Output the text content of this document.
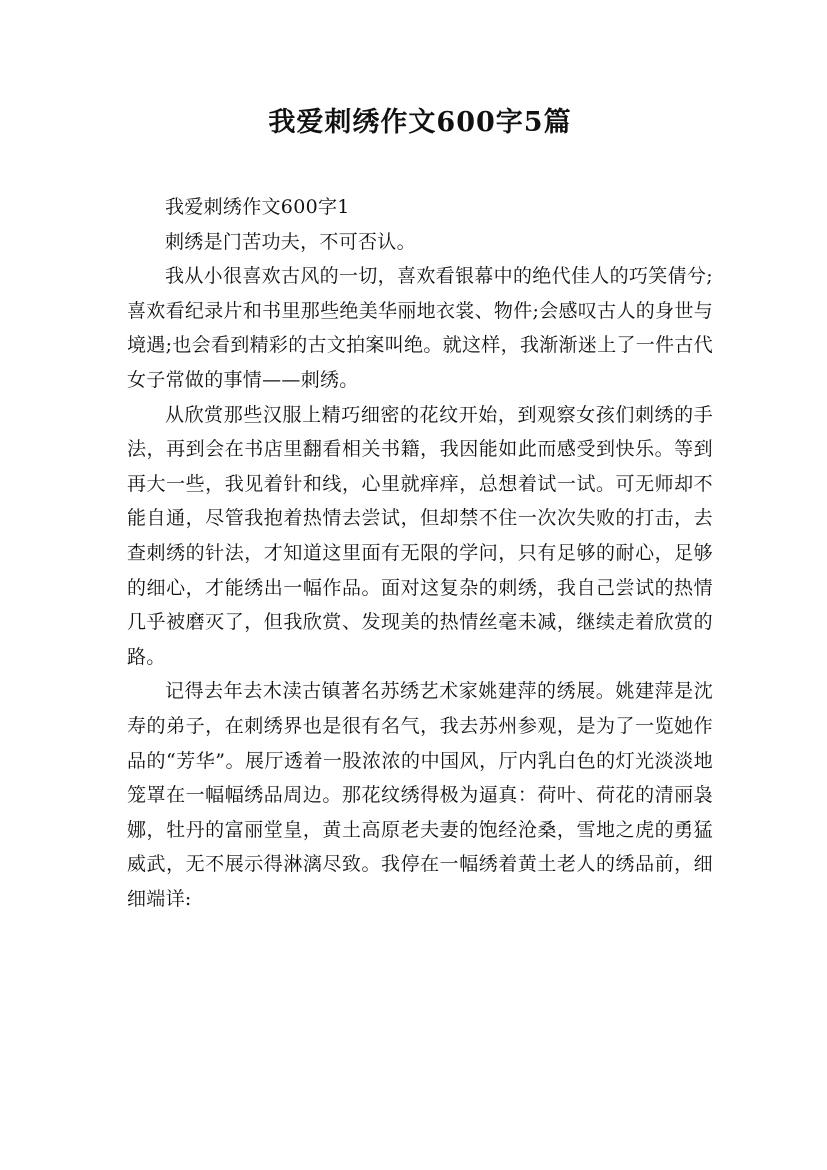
我爱刺绣作文600字5篇

我爱刺绣作文600字1

刺绣是门苦功夫，不可否认。

我从小很喜欢古风的一切，喜欢看银幕中的绝代佳人的巧笑倩兮;喜欢看纪录片和书里那些绝美华丽地衣裳、物件;会感叹古人的身世与境遇;也会看到精彩的古文拍案叫绝。就这样，我渐渐迷上了一件古代女子常做的事情——刺绣。

从欣赏那些汉服上精巧细密的花纹开始，到观察女孩们刺绣的手法，再到会在书店里翻看相关书籍，我因能如此而感受到快乐。等到再大一些，我见着针和线，心里就痒痒，总想着试一试。可无师却不能自通，尽管我抱着热情去尝试，但却禁不住一次次失败的打击，去查刺绣的针法，才知道这里面有无限的学问，只有足够的耐心，足够的细心，才能绣出一幅作品。面对这复杂的刺绣，我自己尝试的热情几乎被磨灭了，但我欣赏、发现美的热情丝毫未减，继续走着欣赏的路。

记得去年去木渎古镇著名苏绣艺术家姚建萍的绣展。姚建萍是沈寿的弟子，在刺绣界也是很有名气，我去苏州参观，是为了一览她作品的“芳华”。展厅透着一股浓浓的中国风，厅内乳白色的灯光淡淡地笼罩在一幅幅绣品周边。那花纹绣得极为逼真：荷叶、荷花的清丽袅娜，牡丹的富丽堂皇，黄土高原老夫妻的饱经沧桑，雪地之虎的勇猛威武，无不展示得淋漓尽致。我停在一幅绣着黄土老人的绣品前，细细端详:
